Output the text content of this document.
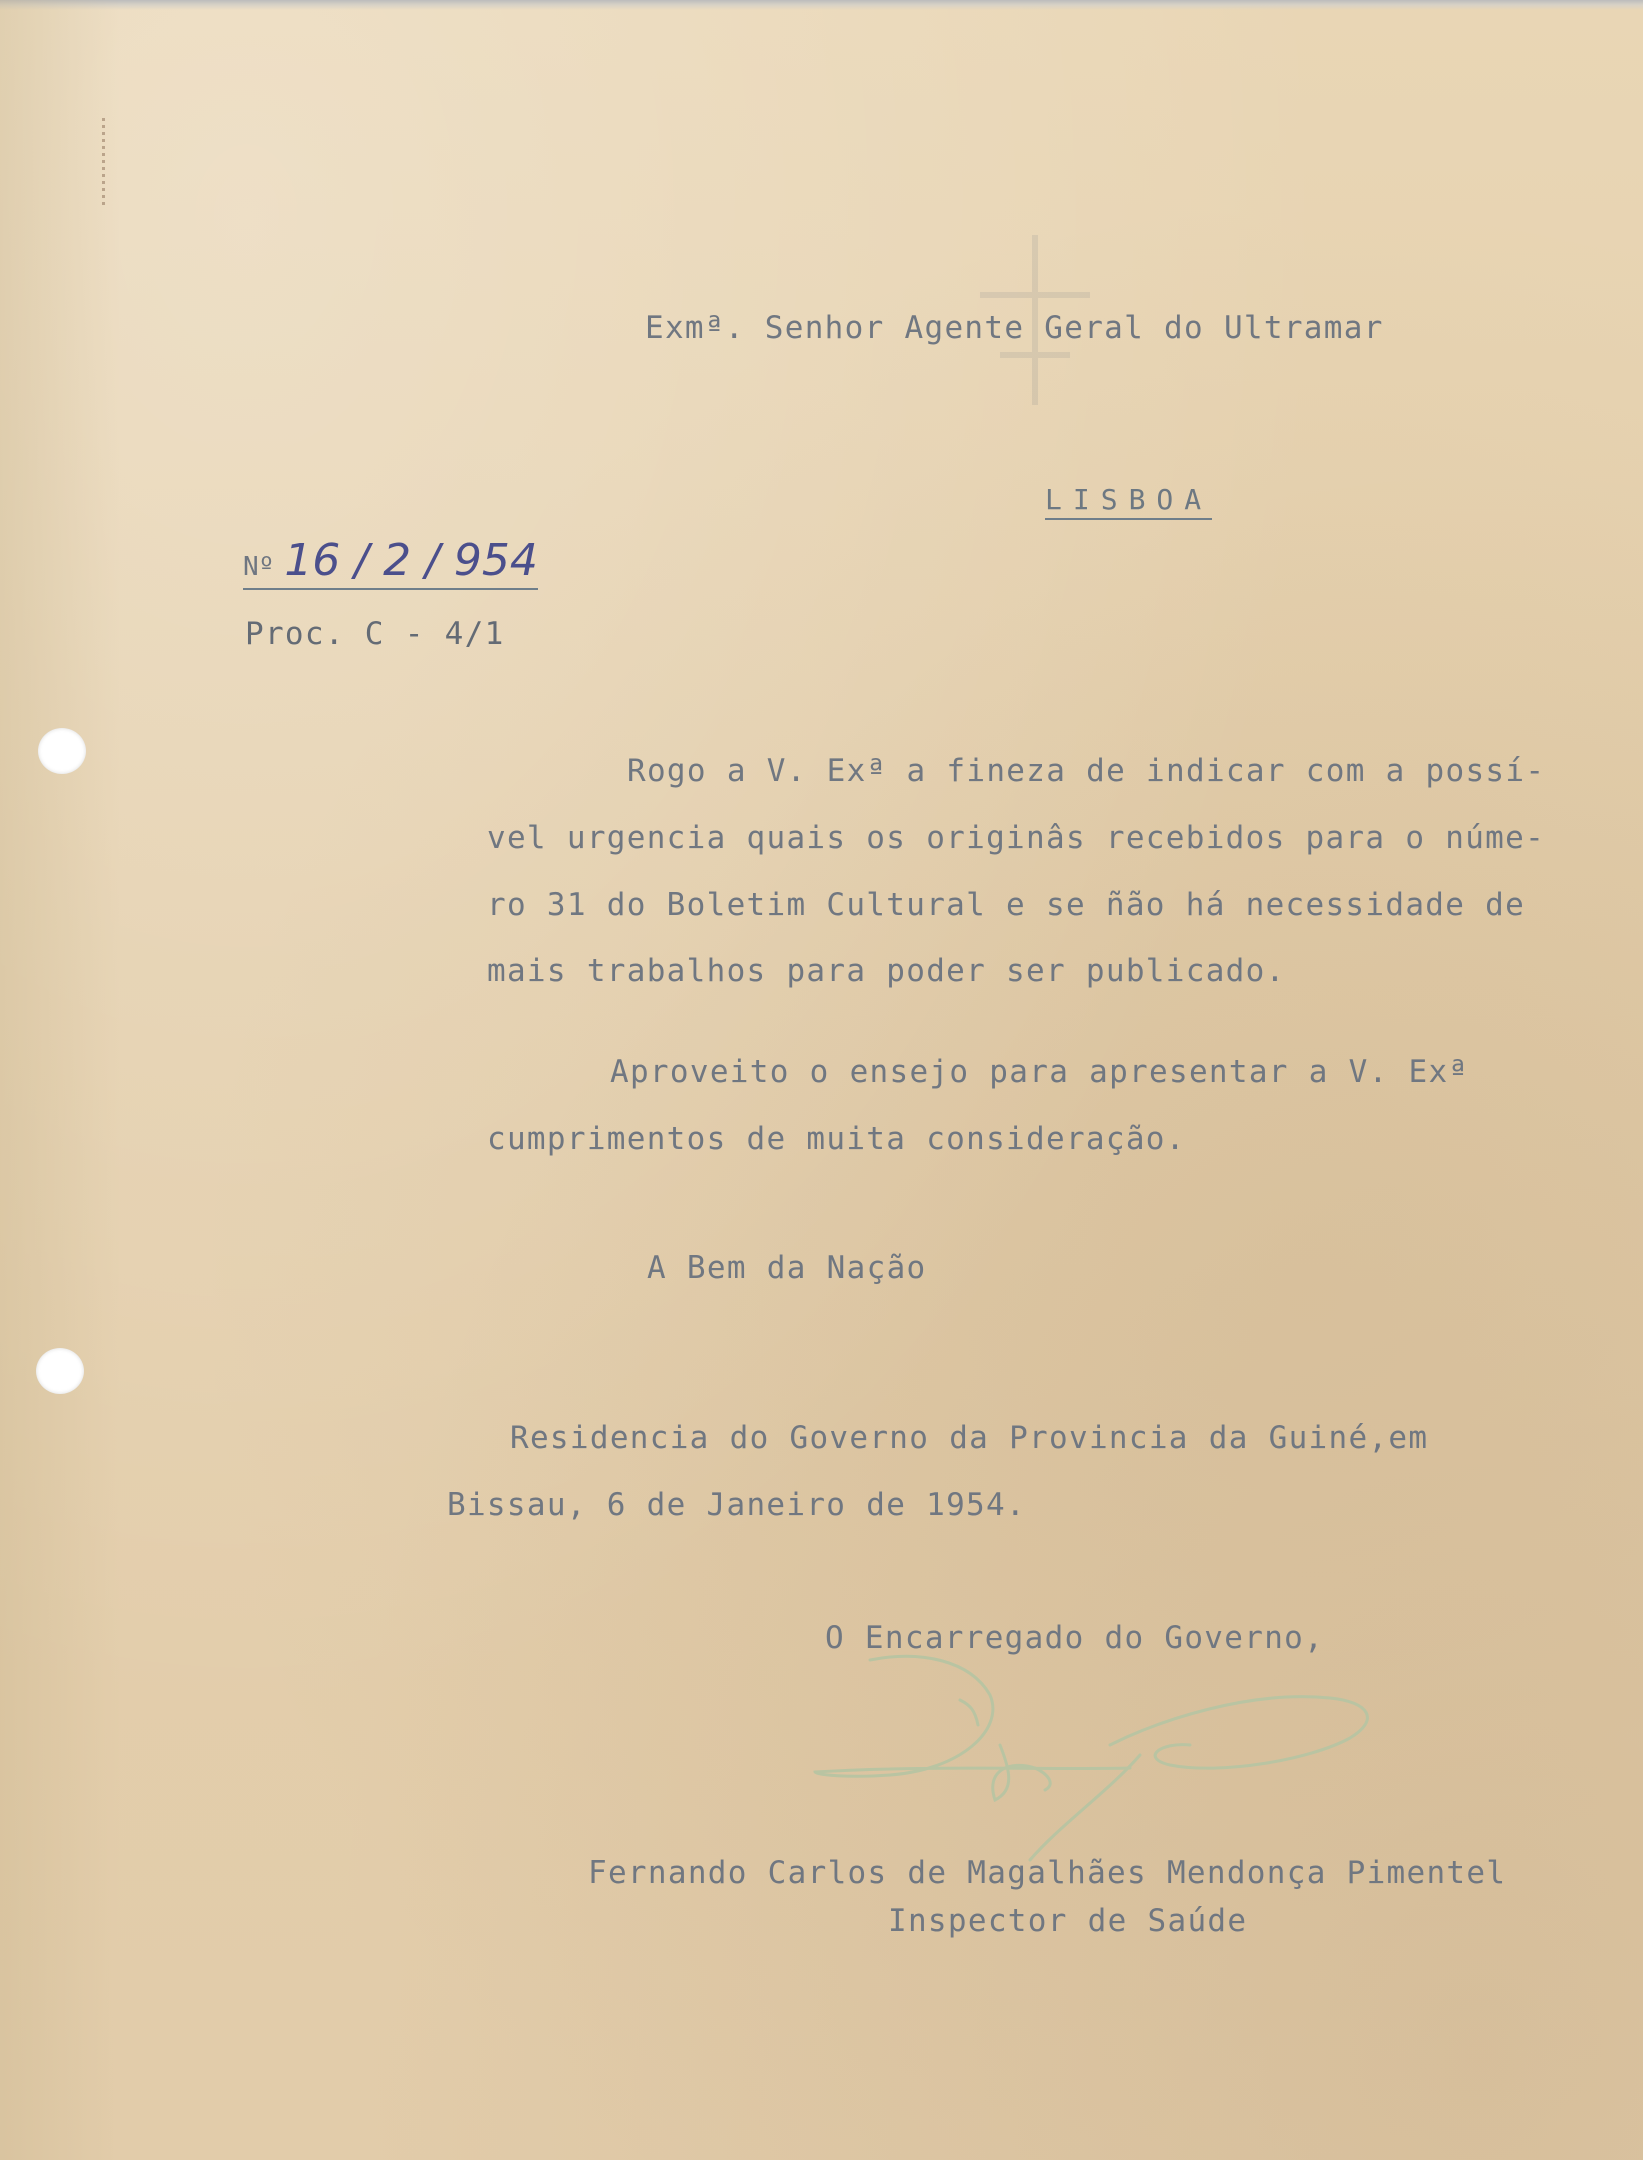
Exmª. Senhor Agente Geral do Ultramar
LISBOA
Nº 16 / 2 / 954
Proc. C - 4/1
Rogo a V. Exª a fineza de indicar com a possí-
vel urgencia quais os originâs recebidos para o núme-
ro 31 do Boletim Cultural e se ñão há necessidade de
mais trabalhos para poder ser publicado.
Aproveito o ensejo para apresentar a V. Exª
cumprimentos de muita consideração.
A Bem da Nação
Residencia do Governo da Provincia da Guiné,em
Bissau, 6 de Janeiro de 1954.
O Encarregado do Governo,
Fernando Carlos de Magalhães Mendonça Pimentel
Inspector de Saúde
